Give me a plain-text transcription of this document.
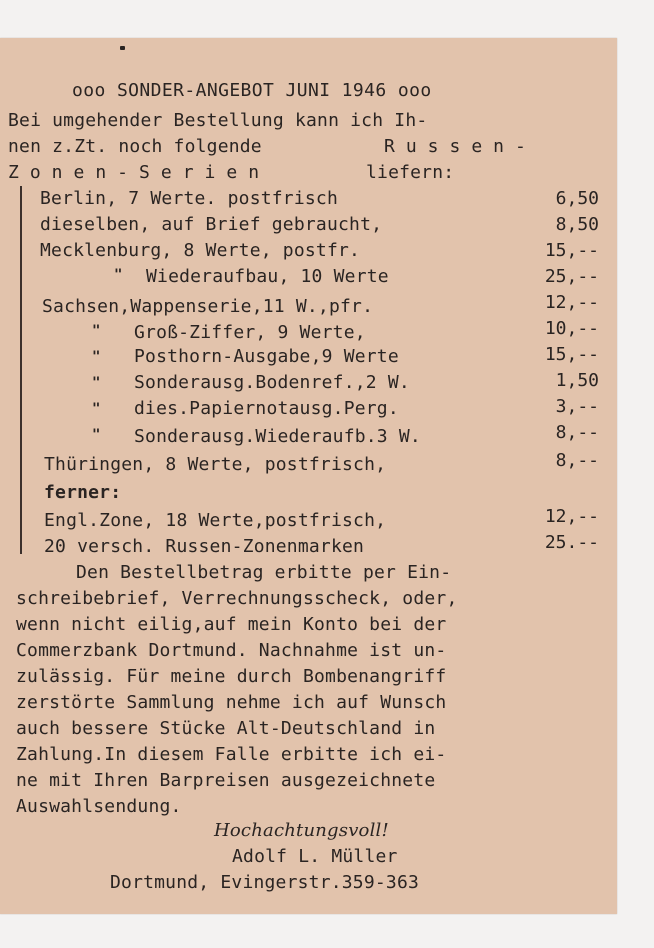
ooo SONDER-ANGEBOT JUNI 1946 ooo
Bei umgehender Bestellung kann ich Ih-
nen z.Zt. noch folgende	Russen-
Zonen-Serien	liefern:
Berlin, 7 Werte. postfrisch	6,50
dieselben, auf Brief gebraucht,	8,50
Mecklenburg, 8 Werte, postfr.	15,--
" Wiederaufbau, 10 Werte	25,--
Sachsen,Wappenserie,11 W.,pfr.	12,--
" Groß-Ziffer, 9 Werte,	10,--
" Posthorn-Ausgabe,9 Werte	15,--
" Sonderausg.Bodenref.,2 W.	1,50
" dies.Papiernotausg.Perg.	3,--
" Sonderausg.Wiederaufb.3 W.	8,--
Thüringen, 8 Werte, postfrisch,	8,--
ferner:
Engl.Zone, 18 Werte,postfrisch,	12,--
20 versch. Russen-Zonenmarken	25.--
Den Bestellbetrag erbitte per Ein-
schreibebrief, Verrechnungsscheck, oder,
wenn nicht eilig,auf mein Konto bei der
Commerzbank Dortmund. Nachnahme ist un-
zulässig. Für meine durch Bombenangriff
zerstörte Sammlung nehme ich auf Wunsch
auch bessere Stücke Alt-Deutschland in
Zahlung.In diesem Falle erbitte ich ei-
ne mit Ihren Barpreisen ausgezeichnete
Auswahlsendung.
Hochachtungsvoll!
Adolf L. Müller
Dortmund, Evingerstr.359-363
